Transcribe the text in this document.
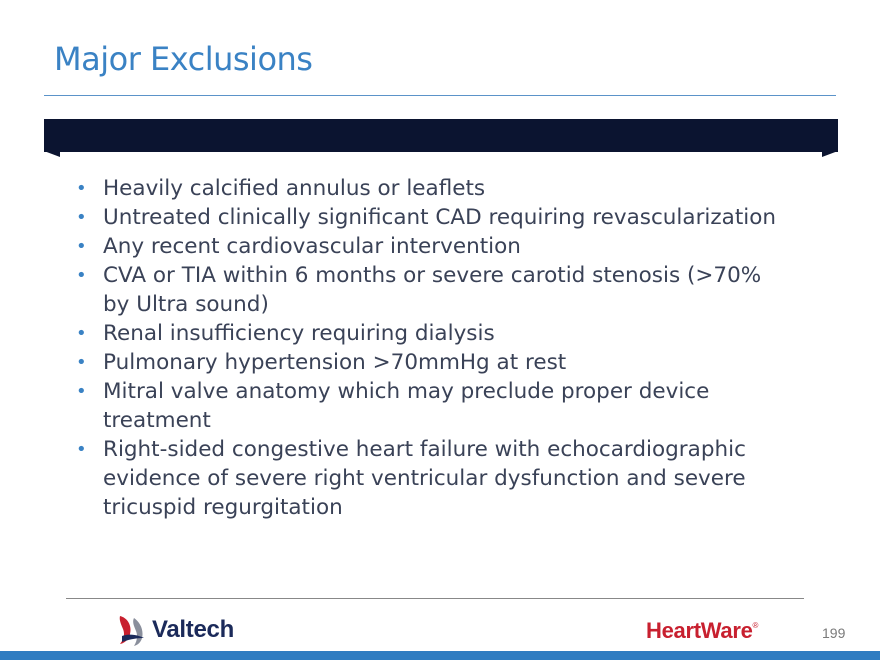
Major Exclusions
• Heavily calcified annulus or leaflets
• Untreated clinically significant CAD requiring revascularization
• Any recent cardiovascular intervention
• CVA or TIA within 6 months or severe carotid stenosis (>70% by Ultra sound)
• Renal insufficiency requiring dialysis
• Pulmonary hypertension >70mmHg at rest
• Mitral valve anatomy which may preclude proper device treatment
• Right-sided congestive heart failure with echocardiographic evidence of severe right ventricular dysfunction and severe tricuspid regurgitation
Valtech	HeartWare®	199
